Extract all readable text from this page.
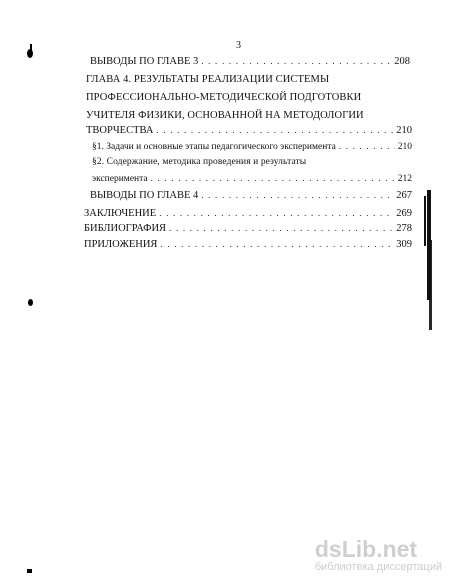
3
ВЫВОДЫ ПО ГЛАВЕ 3 . . .	208
ГЛАВА 4. РЕЗУЛЬТАТЫ РЕАЛИЗАЦИИ СИСТЕМЫ
ПРОФЕССИОНАЛЬНО-МЕТОДИЧЕСКОЙ ПОДГОТОВКИ
УЧИТЕЛЯ ФИЗИКИ, ОСНОВАННОЙ НА МЕТОДОЛОГИИ
ТВОРЧЕСТВА . . .	210
§1. Задачи и основные этапы педагогического эксперимента . . .	210
§2. Содержание, методика проведения и результаты
эксперимента . . .	212
ВЫВОДЫ ПО ГЛАВЕ 4 . . .	267
ЗАКЛЮЧЕНИЕ . . .	269
БИБЛИОГРАФИЯ . . .	278
ПРИЛОЖЕНИЯ . . .	309
dsLib.net
библиотека диссертаций
